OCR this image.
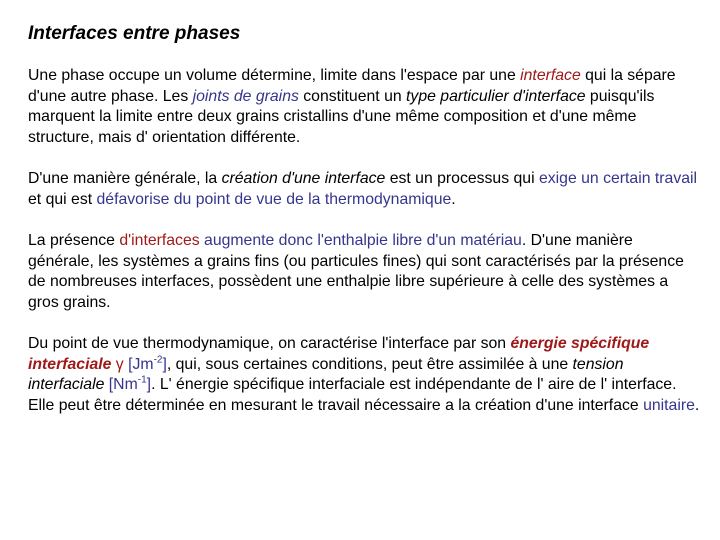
Interfaces entre phases

Une phase occupe un volume détermine, limite dans l'espace par une interface qui la sépare d'une autre phase. Les joints de grains constituent un type particulier d'interface puisqu'ils marquent la limite entre deux grains cristallins d'une même composition et d'une même structure, mais d' orientation différente.

D'une manière générale, la création d'une interface est un processus qui exige un certain travail et qui est défavorise du point de vue de la thermodynamique.

La présence d'interfaces augmente donc l'enthalpie libre d'un matériau. D'une manière générale, les systèmes a grains fins (ou particules fines) qui sont caractérisés par la présence de nombreuses interfaces, possèdent une enthalpie libre supérieure à celle des systèmes a gros grains.

Du point de vue thermodynamique, on caractérise l'interface par son énergie spécifique interfaciale γ $[Jm^{-2}]$, qui, sous certaines conditions, peut être assimilée à une tension interfaciale $[Nm^{-1}]$. L' énergie spécifique interfaciale est indépendante de l' aire de l' interface. Elle peut être déterminée en mesurant le travail nécessaire a la création d'une interface unitaire.
